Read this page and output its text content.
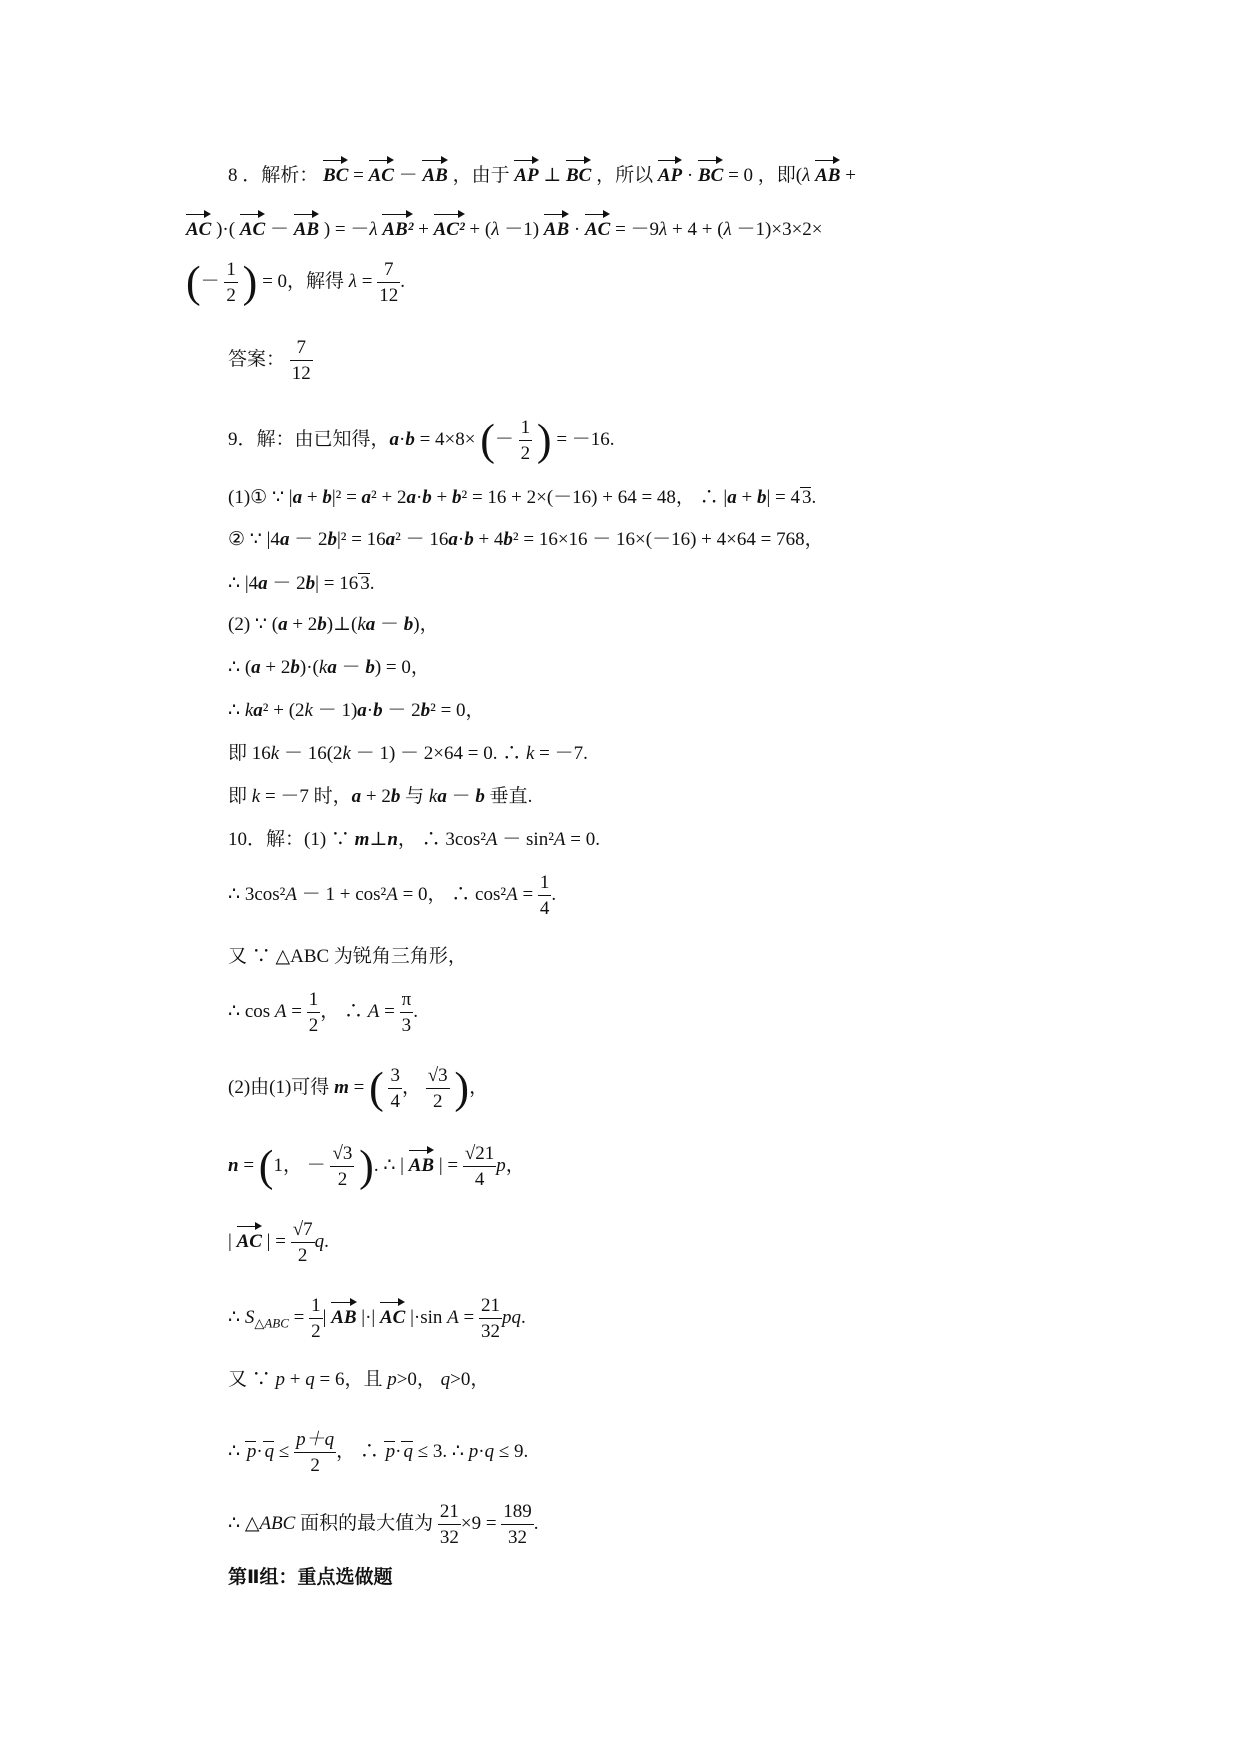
8 ．解析： BC = AC － AB ，由于 AP ⊥ BC ，所以 AP · BC = 0 ，即(λ AB +
AC )·( AC － AB ) = －λ AB² + AC² + (λ －1) AB · AC = －9λ + 4 + (λ －1)×3×2×
(－ $\frac{1}{2}$ ) = 0，解得 $\lambda = \frac{7}{12}$ .
答案： $\frac{7}{12}$
9．解：由已知得，a·b = 4×8× (－ $\frac{1}{2}$ ) = －16.
(1)① ∵ |a + b|² = a² + 2a·b + b² = 16 + 2×(－16) + 64 = 48， ∴ |a + b| = 4 3.
② ∵ |4a － 2b|² = 16a² － 16a·b + 4b² = 16×16 － 16×(－16) + 4×64 = 768，
∴ |4a － 2b| = 16 3.
(2) ∵ (a + 2b)⊥(ka － b)，
∴ (a + 2b)·(ka － b) = 0，
∴ ka² + (2k － 1)a·b － 2b² = 0，
即 16k － 16(2k － 1) － 2×64 = 0. ∴ k = －7.
即 k = －7 时，a + 2b 与 ka － b 垂直.
10．解：(1) ∵ m⊥n， ∴ 3cos²A － sin²A = 0.
∴ 3cos²A － 1 + cos²A = 0， ∴ $\cos^2A = \frac{1}{4}$ .
又 ∵ △ABC 为锐角三角形，
∴ $\cos A = \frac{1}{2}$ ， ∴ $A = \frac{\pi}{3}$ .
(2)由(1)可得 m = ( $\frac{3}{4}$ ， $\frac{√3}{2}$ )，
n = (1， － $\frac{√3}{2}$ ). ∴ | AB | = $\frac{√21}{4}$ p，
| AC | = $\frac{√7}{2} q$.
∴ $S_{\triangle ABC} = \frac{1}{2}$ | AB |·| AC |·sin $A = \frac{21}{32}$ pq.
又 ∵ p + q = 6，且 p>0， q>0，
∴ $p\cdot q \le \frac{p+q}{2}$ ， ∴ p· q ≤ 3. ∴ p·q ≤ 9.
∴ △ABC 面积的最大值为 $\frac{21}{32} \times 9 = \frac{189}{32}$ .
第Ⅱ组：重点选做题
